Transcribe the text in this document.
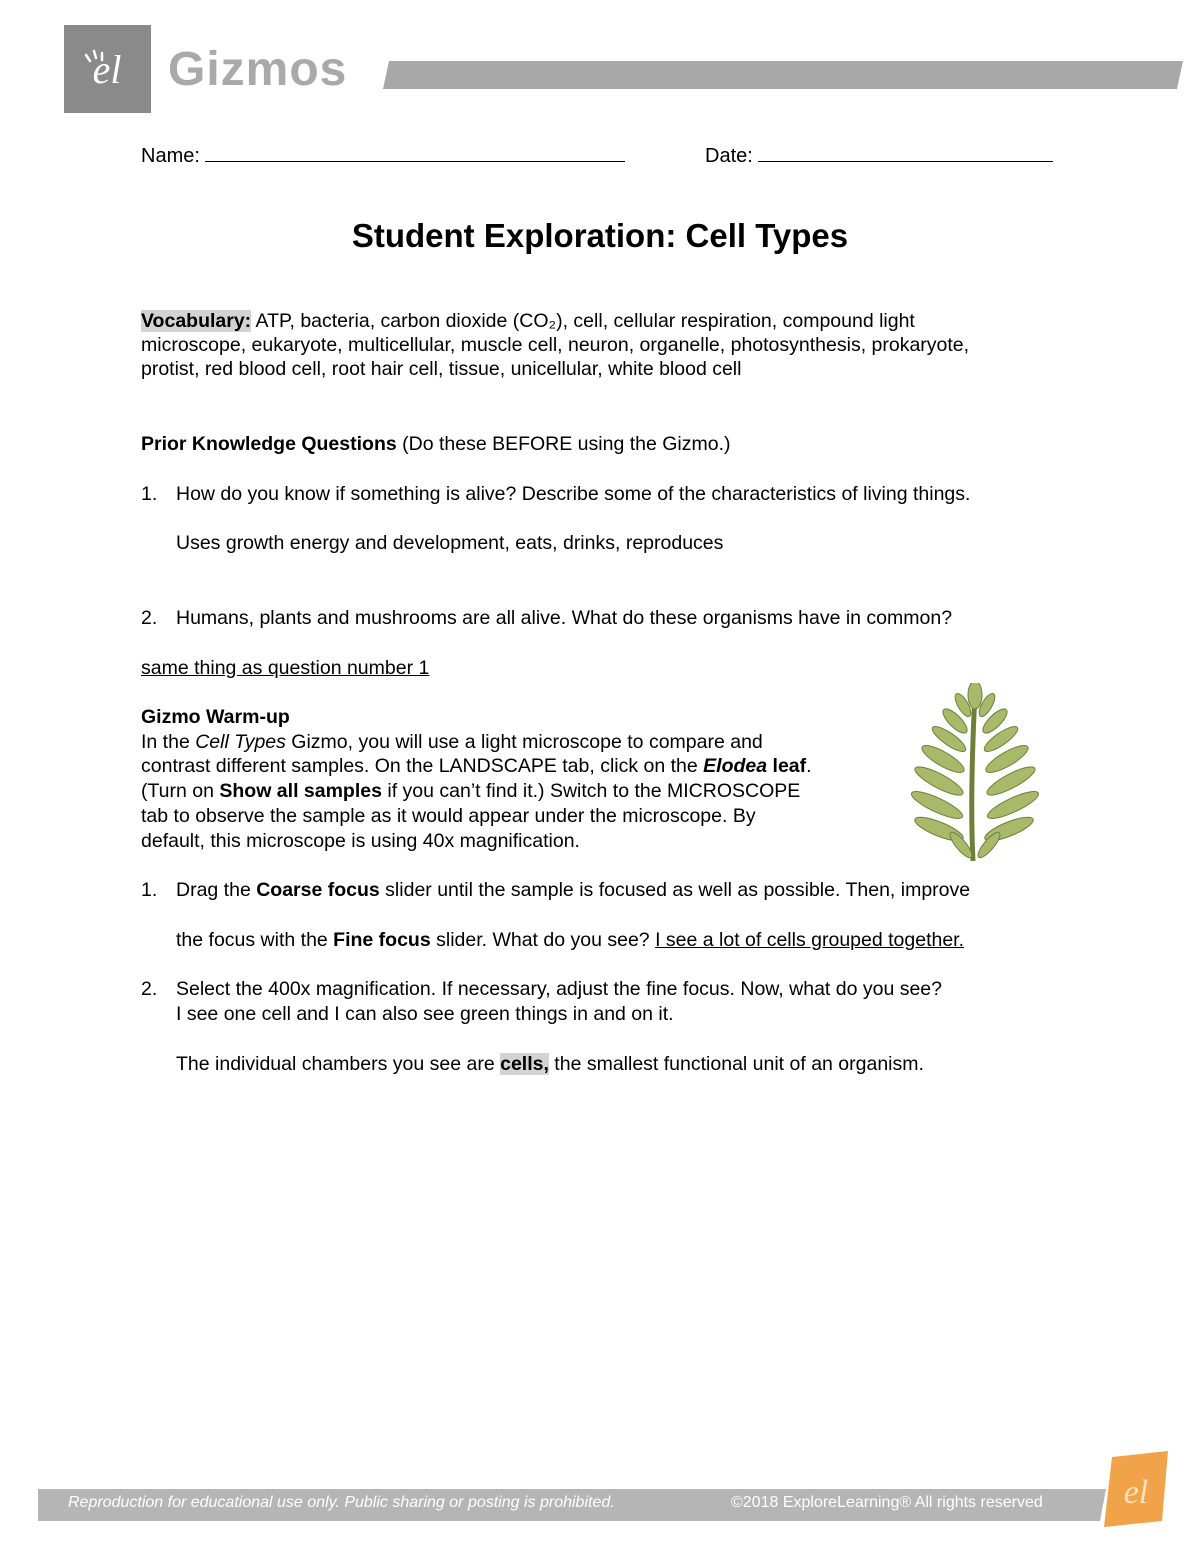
el Gizmos
Name:	Date:
Student Exploration: Cell Types
Vocabulary: ATP, bacteria, carbon dioxide (CO₂), cell, cellular respiration, compound light
microscope, eukaryote, multicellular, muscle cell, neuron, organelle, photosynthesis, prokaryote,
protist, red blood cell, root hair cell, tissue, unicellular, white blood cell
Prior Knowledge Questions (Do these BEFORE using the Gizmo.)
1. How do you know if something is alive? Describe some of the characteristics of living things.
Uses growth energy and development, eats, drinks, reproduces
2. Humans, plants and mushrooms are all alive. What do these organisms have in common?
same thing as question number 1
Gizmo Warm-up
In the Cell Types Gizmo, you will use a light microscope to compare and
contrast different samples. On the LANDSCAPE tab, click on the Elodea leaf.
(Turn on Show all samples if you can’t find it.) Switch to the MICROSCOPE
tab to observe the sample as it would appear under the microscope. By
default, this microscope is using 40x magnification.
1. Drag the Coarse focus slider until the sample is focused as well as possible. Then, improve
the focus with the Fine focus slider. What do you see? I see a lot of cells grouped together.
2. Select the 400x magnification. If necessary, adjust the fine focus. Now, what do you see?
I see one cell and I can also see green things in and on it.
The individual chambers you see are cells, the smallest functional unit of an organism.
Reproduction for educational use only. Public sharing or posting is prohibited.	©2018 ExploreLearning® All rights reserved el
